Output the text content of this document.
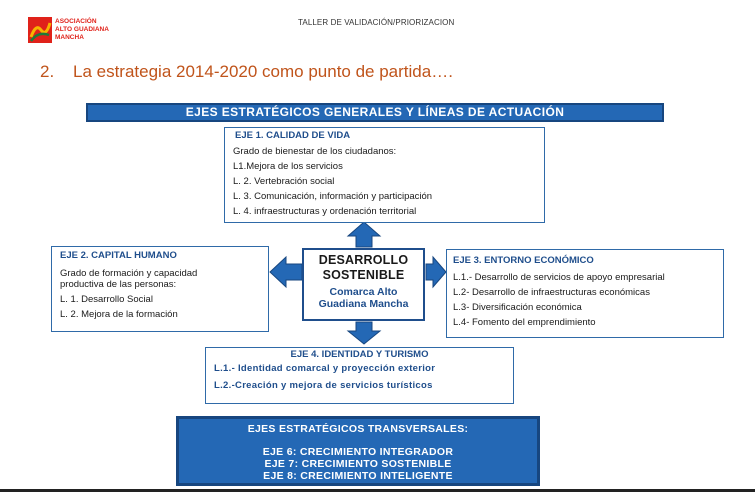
ASOCIACIÓN
ALTO GUADIANA
MANCHA
TALLER DE VALIDACIÓN/PRIORIZACION
2. La estrategia 2014-2020 como punto de partida….
EJES ESTRATÉGICOS GENERALES Y LÍNEAS DE ACTUACIÓN
EJE 1. CALIDAD DE VIDA
Grado de bienestar de los ciudadanos:
L1.Mejora de los servicios
L. 2. Vertebración social
L. 3. Comunicación, información y participación
L. 4. infraestructuras y ordenación territorial
EJE 2. CAPITAL HUMANO
Grado de formación y capacidad
productiva de las personas:
L. 1. Desarrollo Social
L. 2. Mejora de la formación
DESARROLLO
SOSTENIBLE
Comarca Alto
Guadiana Mancha
EJE 3. ENTORNO ECONÓMICO
L.1.- Desarrollo de servicios de apoyo empresarial
L.2- Desarrollo de infraestructuras económicas
L.3- Diversificación económica
L.4- Fomento del emprendimiento
EJE 4. IDENTIDAD Y TURISMO
L.1.- Identidad comarcal y proyección exterior
L.2.-Creación y mejora de servicios turísticos
EJES ESTRATÉGICOS TRANSVERSALES:
EJE 6: CRECIMIENTO INTEGRADOR
EJE 7: CRECIMIENTO SOSTENIBLE
EJE 8: CRECIMIENTO INTELIGENTE
